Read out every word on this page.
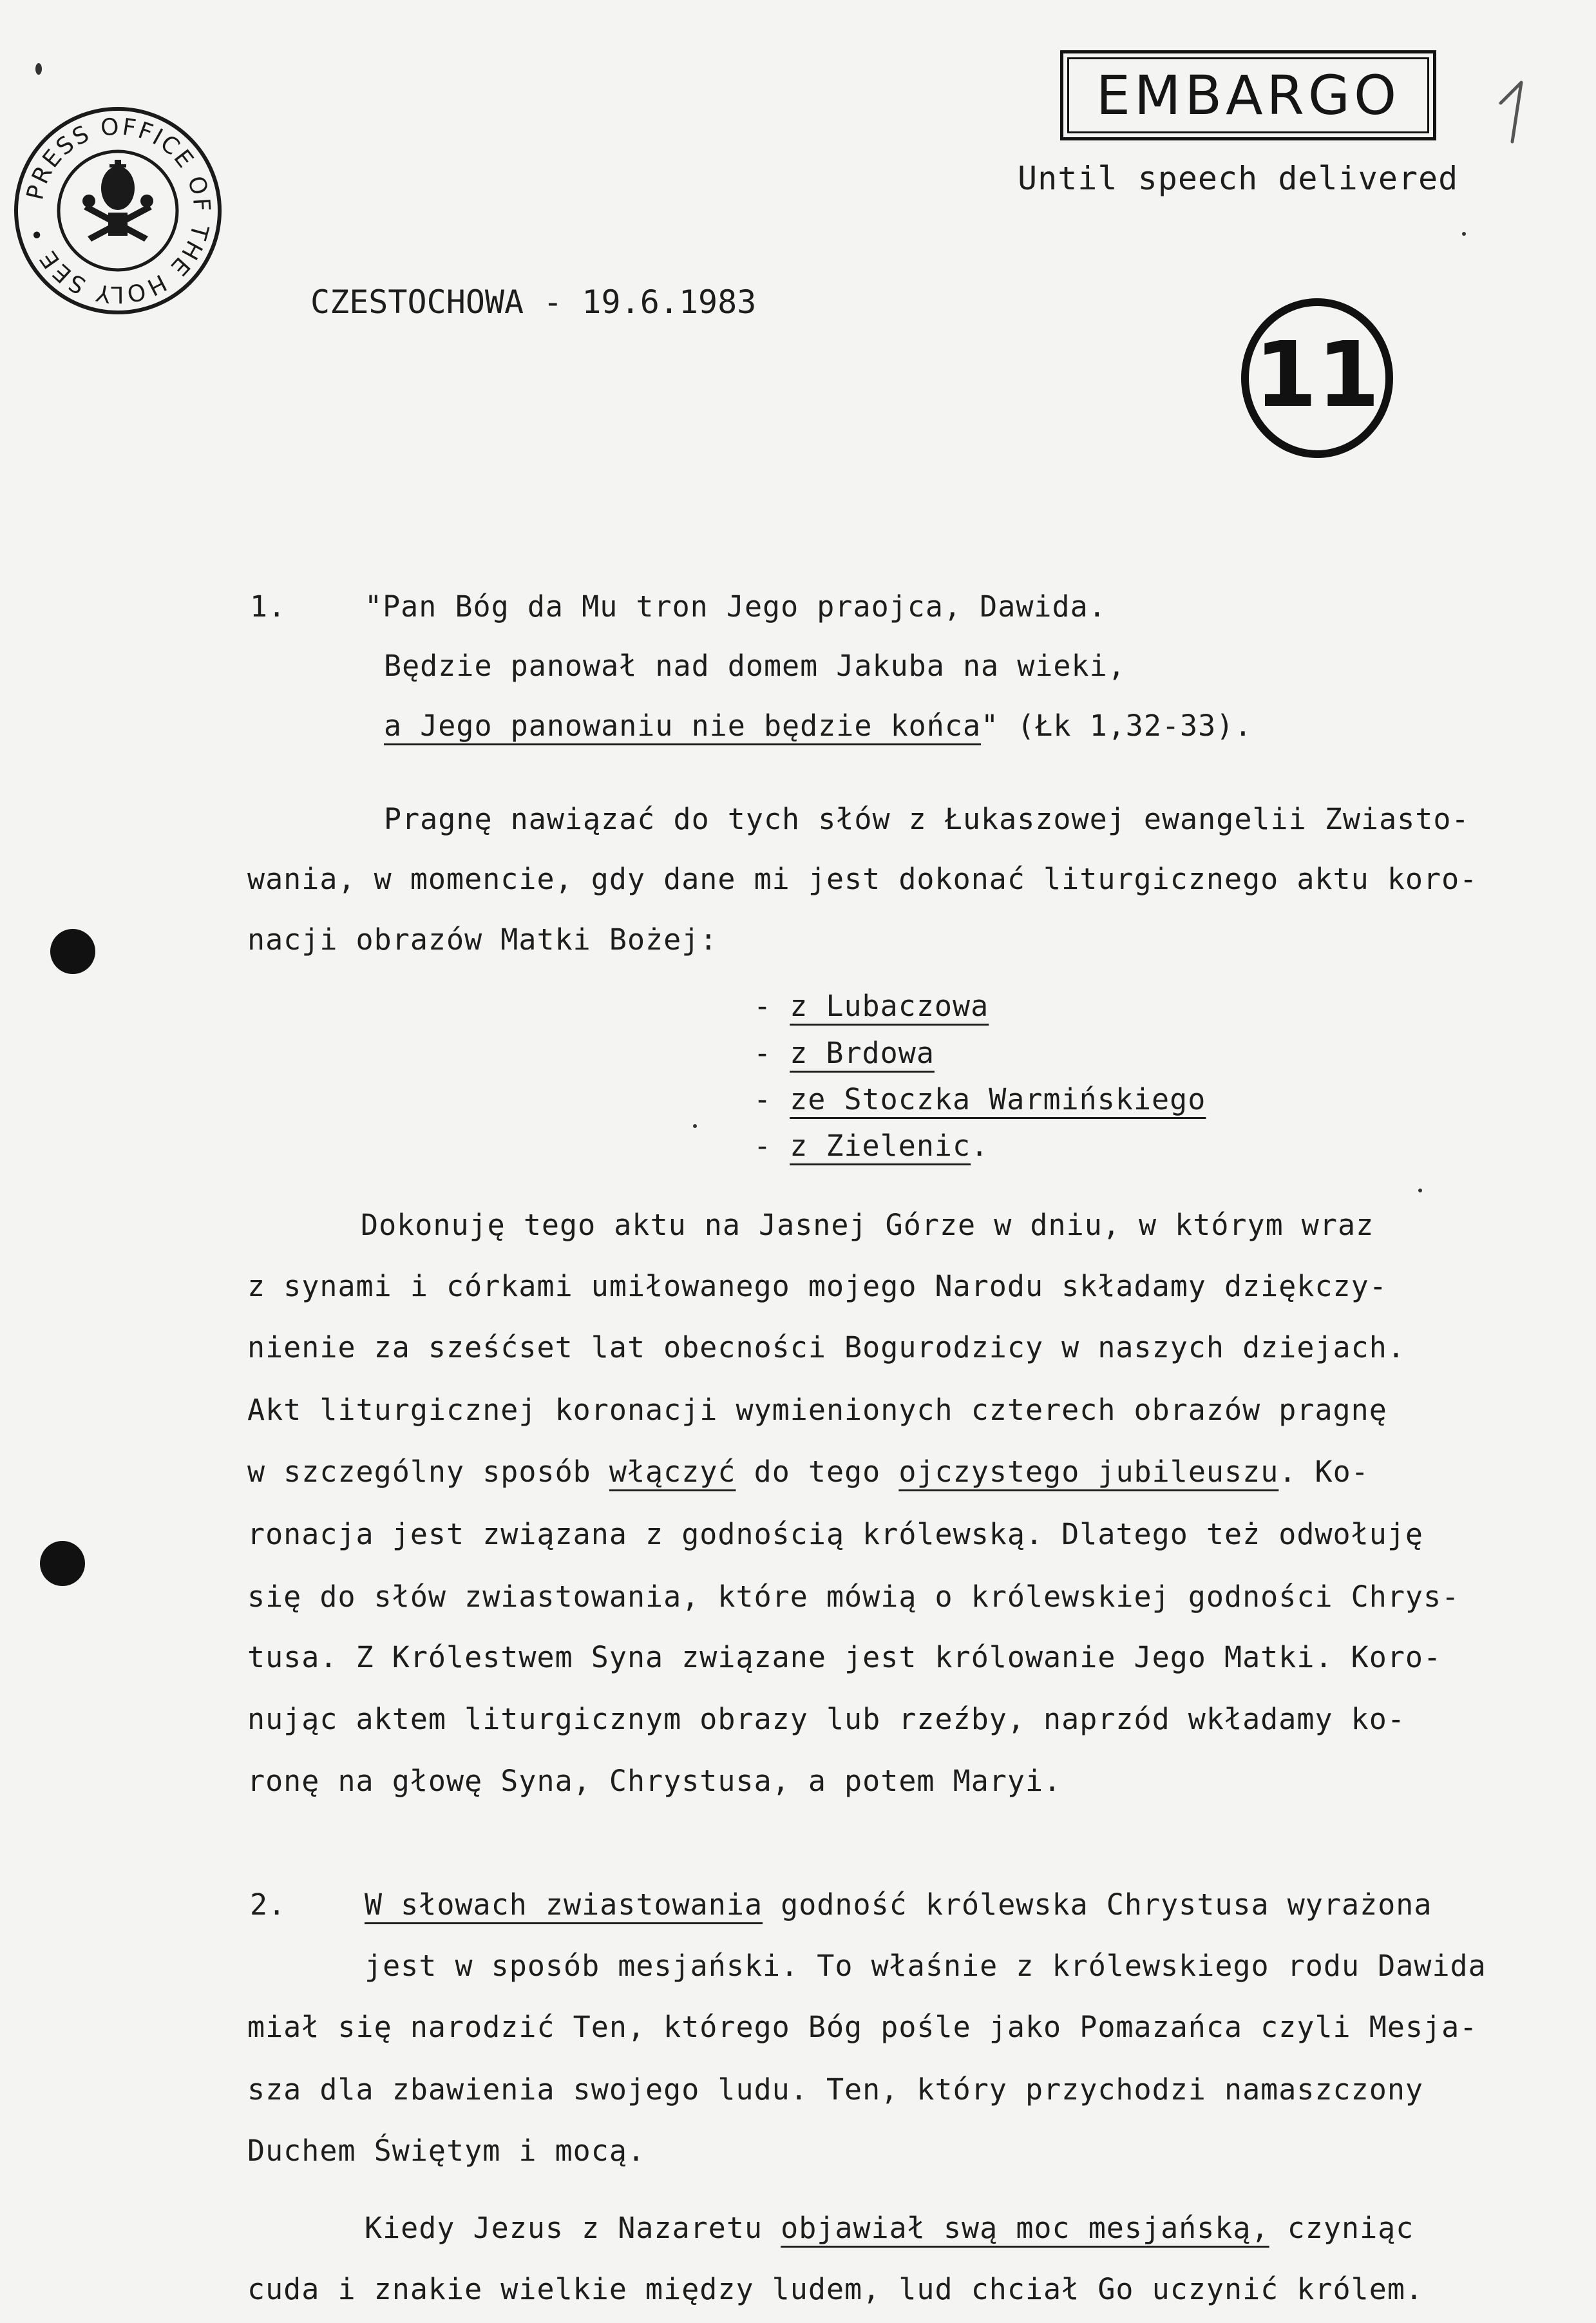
PRESS OFFICE OF THE HOLY SEE •
EMBARGO
Until speech delivered
11
CZESTOCHOWA - 19.6.1983
1.	"Pan Bóg da Mu tron Jego praojca, Dawida.
Będzie panował nad domem Jakuba na wieki,
a Jego panowaniu nie będzie końca" (Łk 1,32-33).
Pragnę nawiązać do tych słów z Łukaszowej ewangelii Zwiasto-
wania, w momencie, gdy dane mi jest dokonać liturgicznego aktu koro-
nacji obrazów Matki Bożej:
- z Lubaczowa
- z Brdowa
- ze Stoczka Warmińskiego
- z Zielenic.
Dokonuję tego aktu na Jasnej Górze w dniu, w którym wraz
z synami i córkami umiłowanego mojego Narodu składamy dziękczy-
nienie za sześćset lat obecności Bogurodzicy w naszych dziejach.
Akt liturgicznej koronacji wymienionych czterech obrazów pragnę
w szczególny sposób włączyć do tego ojczystego jubileuszu. Ko-
ronacja jest związana z godnością królewską. Dlatego też odwołuję
się do słów zwiastowania, które mówią o królewskiej godności Chrys-
tusa. Z Królestwem Syna związane jest królowanie Jego Matki. Koro-
nując aktem liturgicznym obrazy lub rzeźby, naprzód wkładamy ko-
ronę na głowę Syna, Chrystusa, a potem Maryi.
2.	W słowach zwiastowania godność królewska Chrystusa wyrażona
jest w sposób mesjański. To właśnie z królewskiego rodu Dawida
miał się narodzić Ten, którego Bóg pośle jako Pomazańca czyli Mesja-
sza dla zbawienia swojego ludu. Ten, który przychodzi namaszczony
Duchem Świętym i mocą.
Kiedy Jezus z Nazaretu objawiał swą moc mesjańską, czyniąc
cuda i znakie wielkie między ludem, lud chciał Go uczynić królem.
